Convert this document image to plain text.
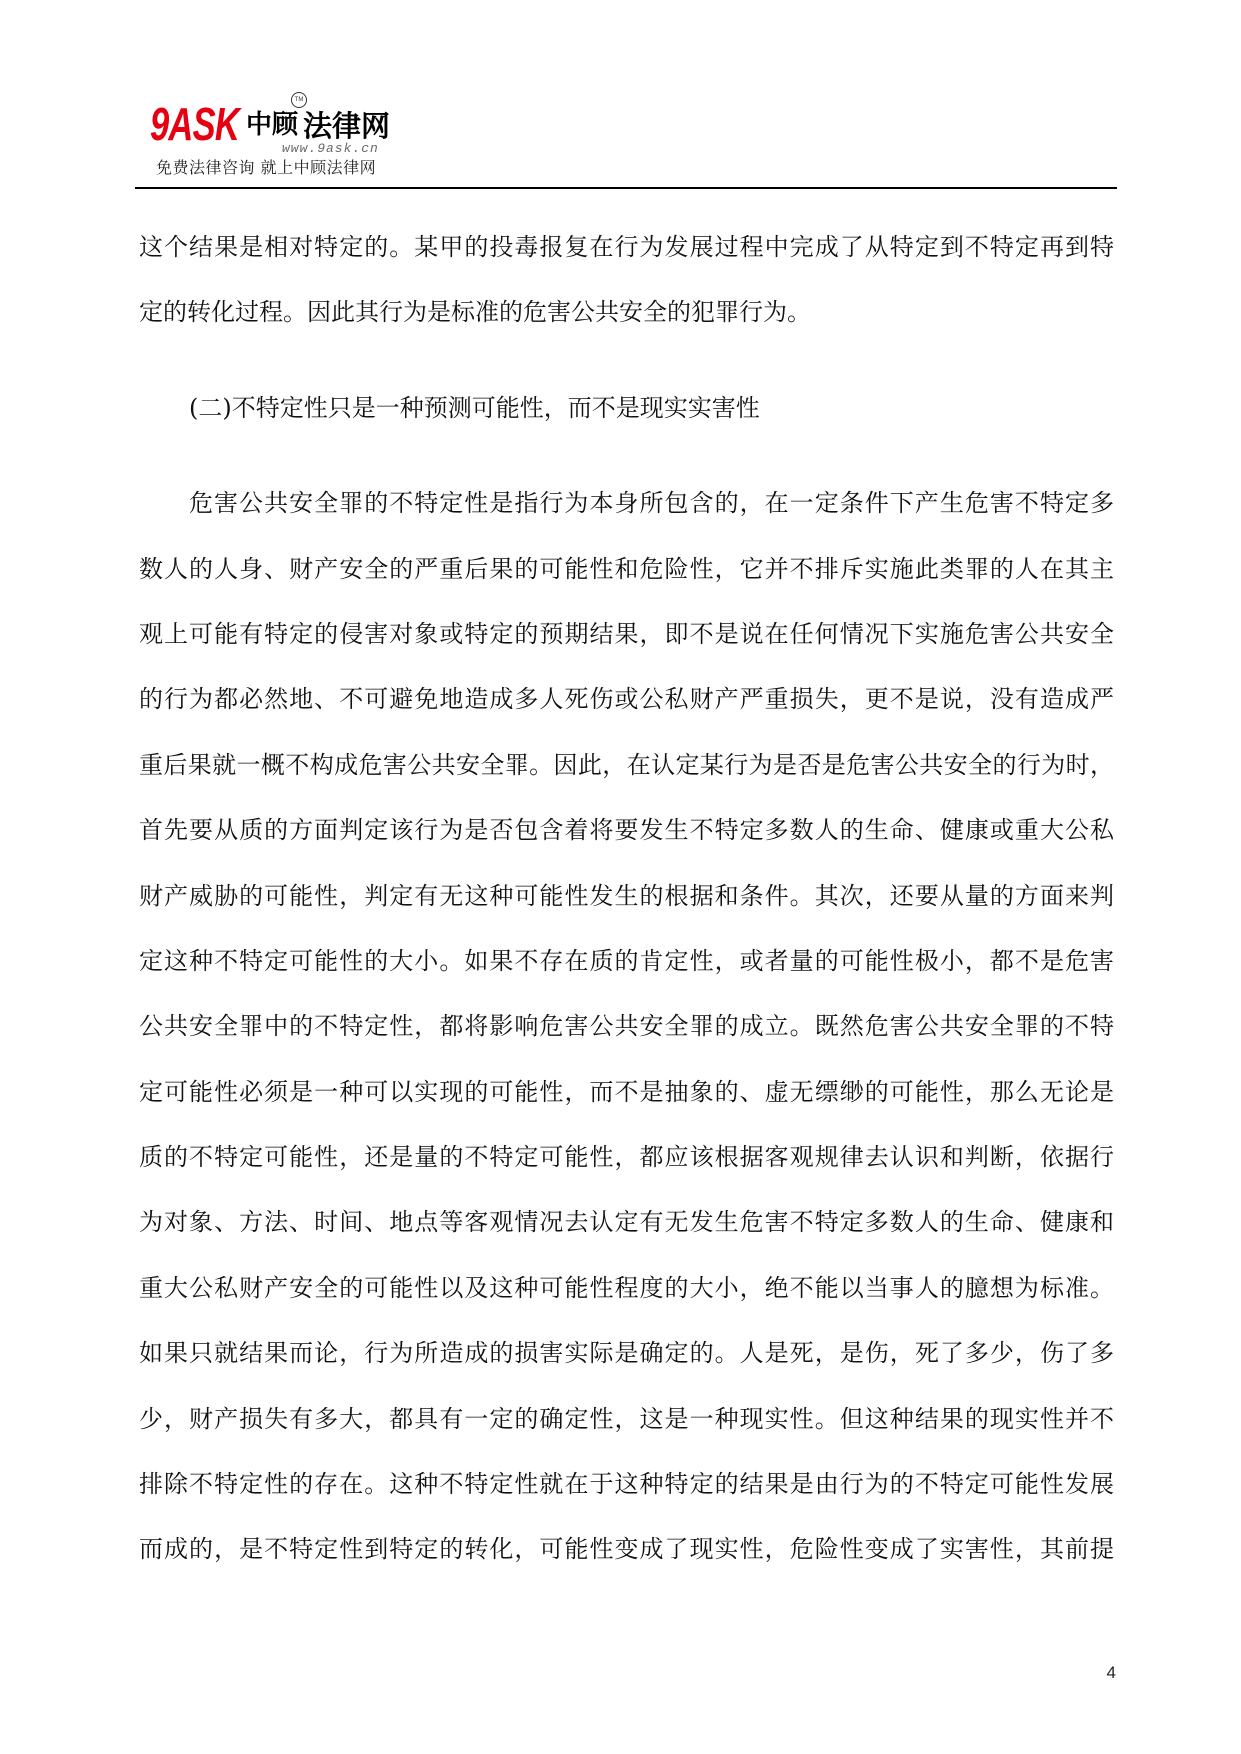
9ASK 中顾
TM
法律网
www.9ask.cn
免费法律咨询 就上中顾法律网
这个结果是相对特定的。某甲的投毒报复在行为发展过程中完成了从特定到不特定再到特
定的转化过程。因此其行为是标准的危害公共安全的犯罪行为。
(二)不特定性只是一种预测可能性，而不是现实实害性
危害公共安全罪的不特定性是指行为本身所包含的，在一定条件下产生危害不特定多
数人的人身、财产安全的严重后果的可能性和危险性，它并不排斥实施此类罪的人在其主
观上可能有特定的侵害对象或特定的预期结果，即不是说在任何情况下实施危害公共安全
的行为都必然地、不可避免地造成多人死伤或公私财产严重损失，更不是说，没有造成严
重后果就一概不构成危害公共安全罪。因此，在认定某行为是否是危害公共安全的行为时，
首先要从质的方面判定该行为是否包含着将要发生不特定多数人的生命、健康或重大公私
财产威胁的可能性，判定有无这种可能性发生的根据和条件。其次，还要从量的方面来判
定这种不特定可能性的大小。如果不存在质的肯定性，或者量的可能性极小，都不是危害
公共安全罪中的不特定性，都将影响危害公共安全罪的成立。既然危害公共安全罪的不特
定可能性必须是一种可以实现的可能性，而不是抽象的、虚无缥缈的可能性，那么无论是
质的不特定可能性，还是量的不特定可能性，都应该根据客观规律去认识和判断，依据行
为对象、方法、时间、地点等客观情况去认定有无发生危害不特定多数人的生命、健康和
重大公私财产安全的可能性以及这种可能性程度的大小，绝不能以当事人的臆想为标准。
如果只就结果而论，行为所造成的损害实际是确定的。人是死，是伤，死了多少，伤了多
少，财产损失有多大，都具有一定的确定性，这是一种现实性。但这种结果的现实性并不
排除不特定性的存在。这种不特定性就在于这种特定的结果是由行为的不特定可能性发展
而成的，是不特定性到特定的转化，可能性变成了现实性，危险性变成了实害性，其前提
4
